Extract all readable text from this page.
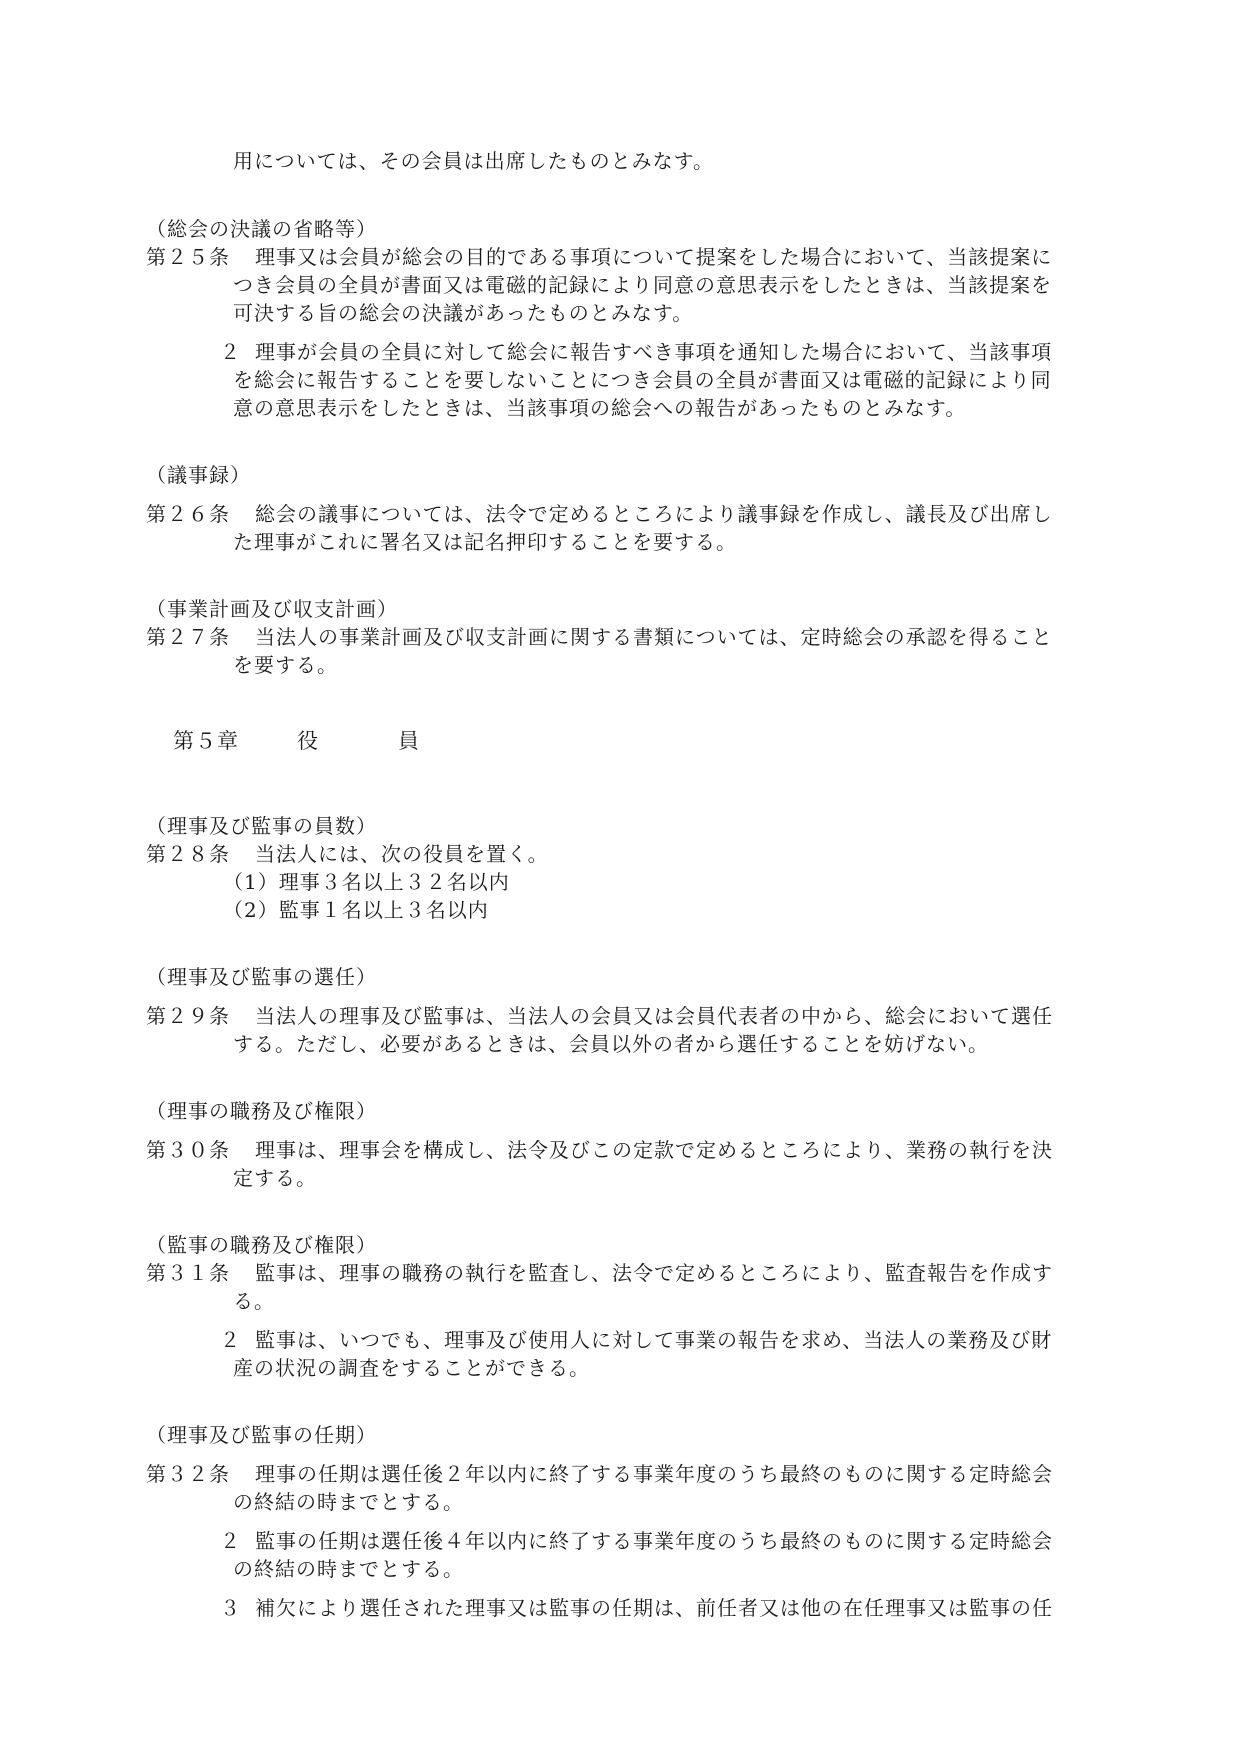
用については、その会員は出席したものとみなす。
（総会の決議の省略等）
第２５条 理事又は会員が総会の目的である事項について提案をした場合において、当該提案に
つき会員の全員が書面又は電磁的記録により同意の意思表示をしたときは、当該提案を
可決する旨の総会の決議があったものとみなす。
２ 理事が会員の全員に対して総会に報告すべき事項を通知した場合において、当該事項
を総会に報告することを要しないことにつき会員の全員が書面又は電磁的記録により同
意の意思表示をしたときは、当該事項の総会への報告があったものとみなす。
（議事録）
第２６条 総会の議事については、法令で定めるところにより議事録を作成し、議長及び出席し
た理事がこれに署名又は記名押印することを要する。
（事業計画及び収支計画）
第２７条 当法人の事業計画及び収支計画に関する書類については、定時総会の承認を得ること
を要する。
第５章	役	員
（理事及び監事の員数）
第２８条 当法人には、次の役員を置く。
（1）理事３名以上３２名以内
（2）監事１名以上３名以内
（理事及び監事の選任）
第２９条 当法人の理事及び監事は、当法人の会員又は会員代表者の中から、総会において選任
する。ただし、必要があるときは、会員以外の者から選任することを妨げない。
（理事の職務及び権限）
第３０条 理事は、理事会を構成し、法令及びこの定款で定めるところにより、業務の執行を決
定する。
（監事の職務及び権限）
第３１条 監事は、理事の職務の執行を監査し、法令で定めるところにより、監査報告を作成す
る。
２ 監事は、いつでも、理事及び使用人に対して事業の報告を求め、当法人の業務及び財
産の状況の調査をすることができる。
（理事及び監事の任期）
第３２条 理事の任期は選任後２年以内に終了する事業年度のうち最終のものに関する定時総会
の終結の時までとする。
２ 監事の任期は選任後４年以内に終了する事業年度のうち最終のものに関する定時総会
の終結の時までとする。
３ 補欠により選任された理事又は監事の任期は、前任者又は他の在任理事又は監事の任
